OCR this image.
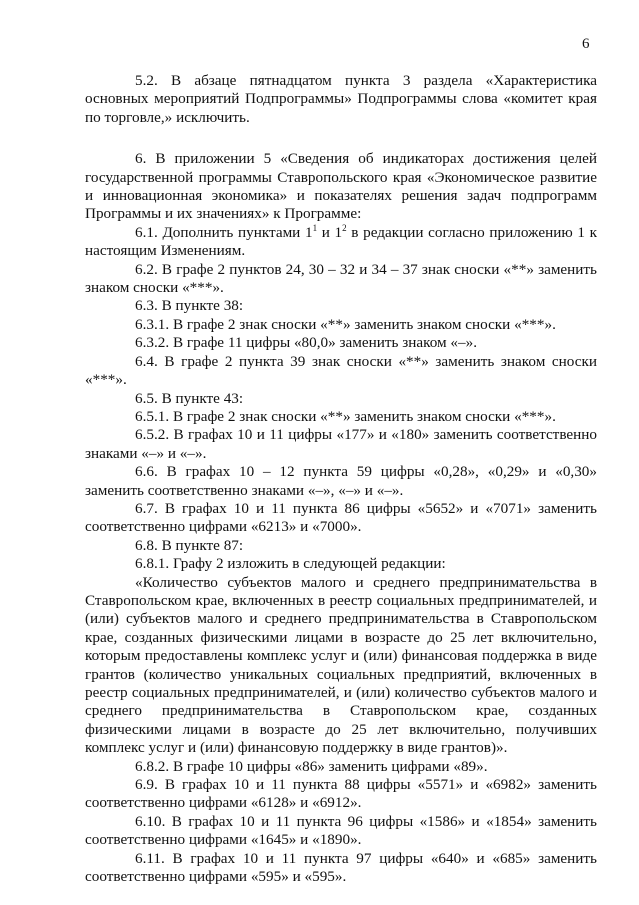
6

5.2. В абзаце пятнадцатом пункта 3 раздела «Характеристика основных мероприятий Подпрограммы» Подпрограммы слова «комитет края по торговле,» исключить.

6. В приложении 5 «Сведения об индикаторах достижения целей государственной программы Ставропольского края «Экономическое развитие и инновационная экономика» и показателях решения задач подпрограмм Программы и их значениях» к Программе:

6.1. Дополнить пунктами $1^1$ и $1^2$ в редакции согласно приложению 1 к настоящим Изменениям.

6.2. В графе 2 пунктов 24, 30 – 32 и 34 – 37 знак сноски «**» заменить знаком сноски «***».

6.3. В пункте 38:

6.3.1. В графе 2 знак сноски «**» заменить знаком сноски «***».

6.3.2. В графе 11 цифры «80,0» заменить знаком «–».

6.4. В графе 2 пункта 39 знак сноски «**» заменить знаком сноски «***».

6.5. В пункте 43:

6.5.1. В графе 2 знак сноски «**» заменить знаком сноски «***».

6.5.2. В графах 10 и 11 цифры «177» и «180» заменить соответственно знаками «–» и «–».

6.6. В графах 10 – 12 пункта 59 цифры «0,28», «0,29» и «0,30» заменить соответственно знаками «–», «–» и «–».

6.7. В графах 10 и 11 пункта 86 цифры «5652» и «7071» заменить соответственно цифрами «6213» и «7000».

6.8. В пункте 87:

6.8.1. Графу 2 изложить в следующей редакции:

«Количество субъектов малого и среднего предпринимательства в Ставропольском крае, включенных в реестр социальных предпринимателей, и (или) субъектов малого и среднего предпринимательства в Ставропольском крае, созданных физическими лицами в возрасте до 25 лет включительно, которым предоставлены комплекс услуг и (или) финансовая поддержка в виде грантов (количество уникальных социальных предприятий, включенных в реестр социальных предпринимателей, и (или) количество субъектов малого и среднего предпринимательства в Ставропольском крае, созданных физическими лицами в возрасте до 25 лет включительно, получивших комплекс услуг и (или) финансовую поддержку в виде грантов)».

6.8.2. В графе 10 цифры «86» заменить цифрами «89».

6.9. В графах 10 и 11 пункта 88 цифры «5571» и «6982» заменить соответственно цифрами «6128» и «6912».

6.10. В графах 10 и 11 пункта 96 цифры «1586» и «1854» заменить соответственно цифрами «1645» и «1890».

6.11. В графах 10 и 11 пункта 97 цифры «640» и «685» заменить соответственно цифрами «595» и «595».
